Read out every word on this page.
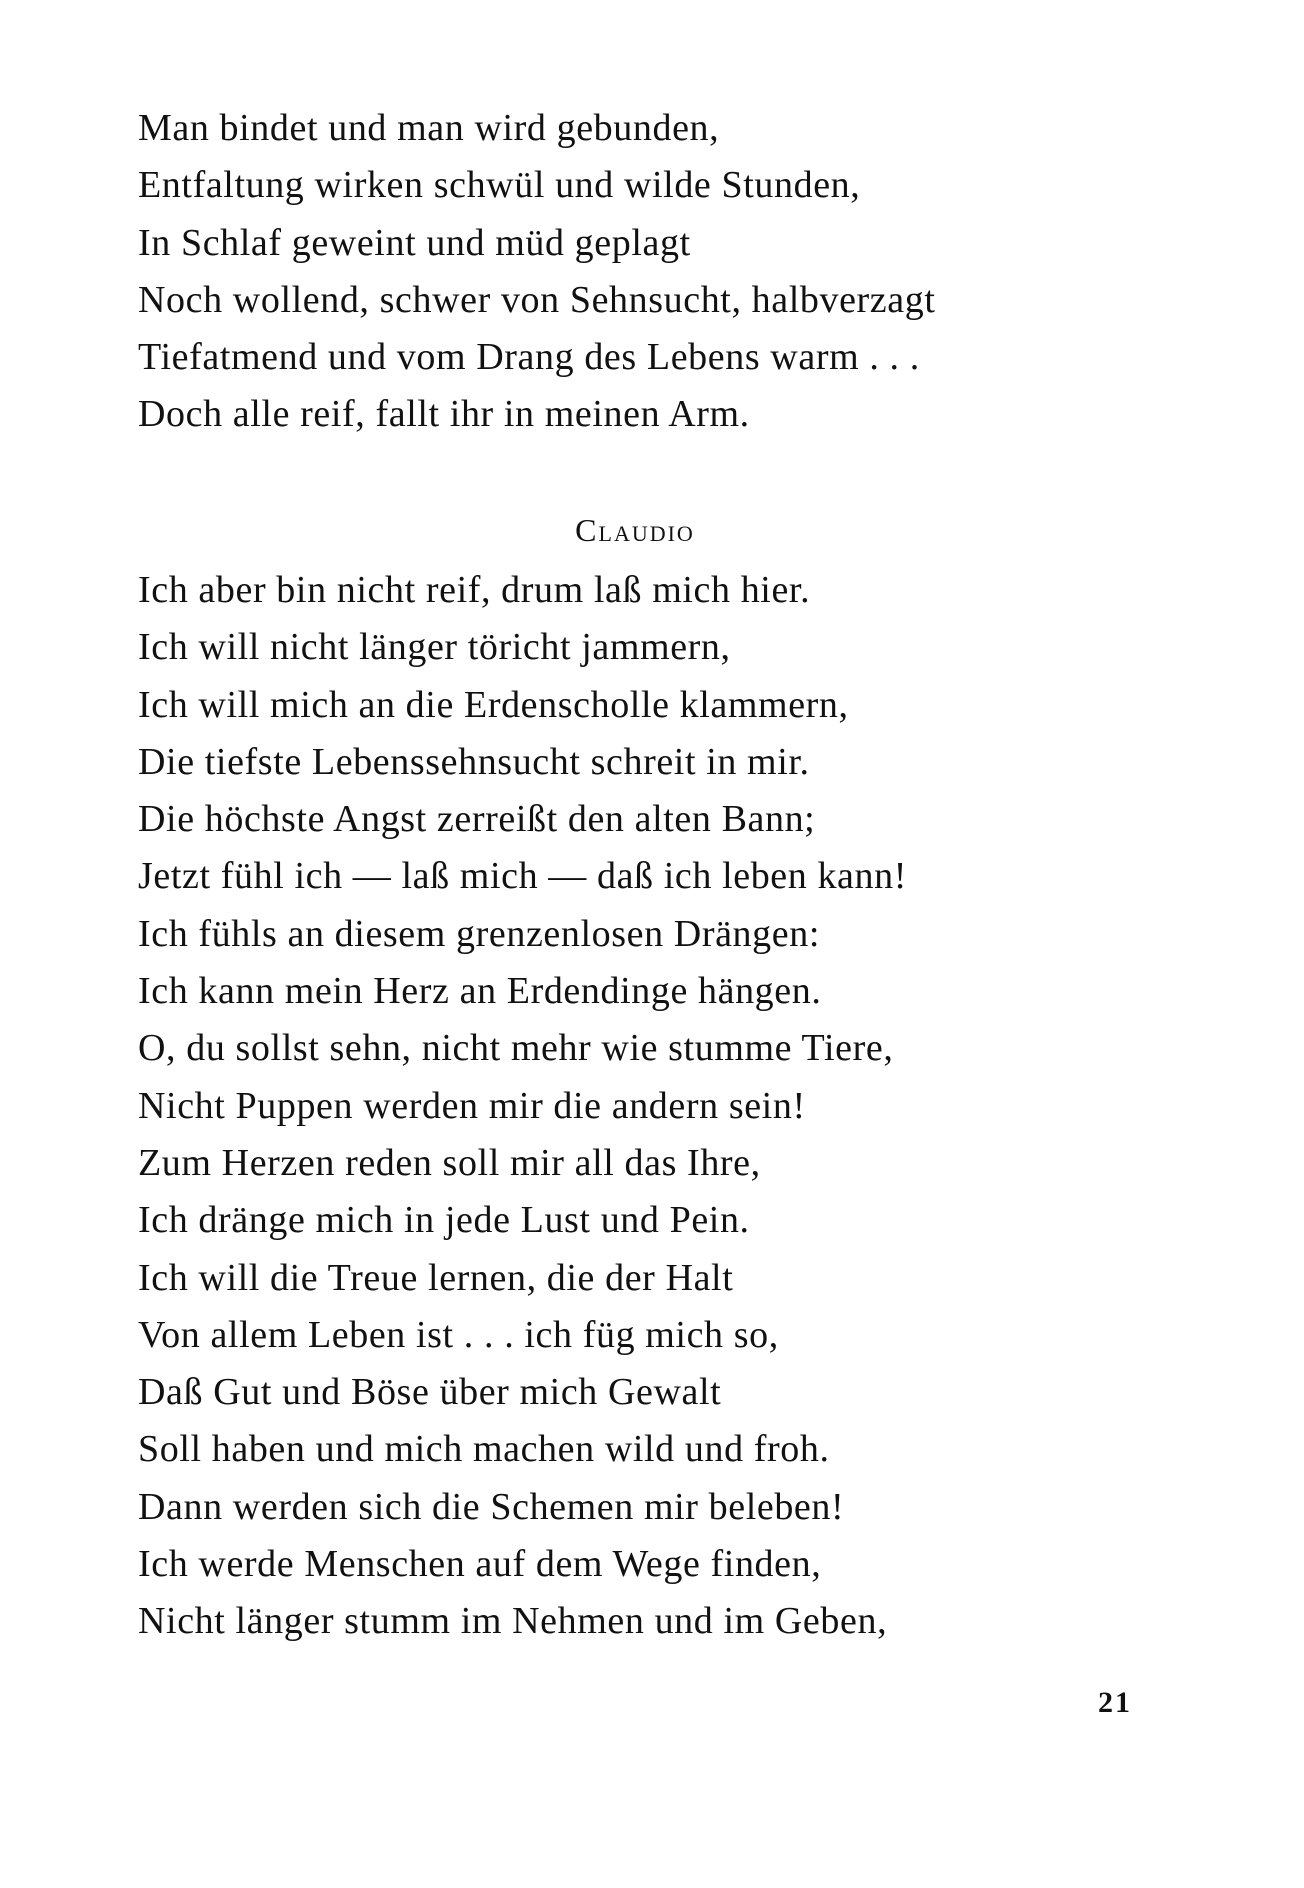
Man bindet und man wird gebunden,
Entfaltung wirken schwül und wilde Stunden,
In Schlaf geweint und müd geplagt
Noch wollend, schwer von Sehnsucht, halbverzagt
Tiefatmend und vom Drang des Lebens warm . . .
Doch alle reif, fallt ihr in meinen Arm.
Claudio
Ich aber bin nicht reif, drum laß mich hier.
Ich will nicht länger töricht jammern,
Ich will mich an die Erdenscholle klammern,
Die tiefste Lebenssehnsucht schreit in mir.
Die höchste Angst zerreißt den alten Bann;
Jetzt fühl ich — laß mich — daß ich leben kann!
Ich fühls an diesem grenzenlosen Drängen:
Ich kann mein Herz an Erdendinge hängen.
O, du sollst sehn, nicht mehr wie stumme Tiere,
Nicht Puppen werden mir die andern sein!
Zum Herzen reden soll mir all das Ihre,
Ich dränge mich in jede Lust und Pein.
Ich will die Treue lernen, die der Halt
Von allem Leben ist . . . ich füg mich so,
Daß Gut und Böse über mich Gewalt
Soll haben und mich machen wild und froh.
Dann werden sich die Schemen mir beleben!
Ich werde Menschen auf dem Wege finden,
Nicht länger stumm im Nehmen und im Geben,
21
